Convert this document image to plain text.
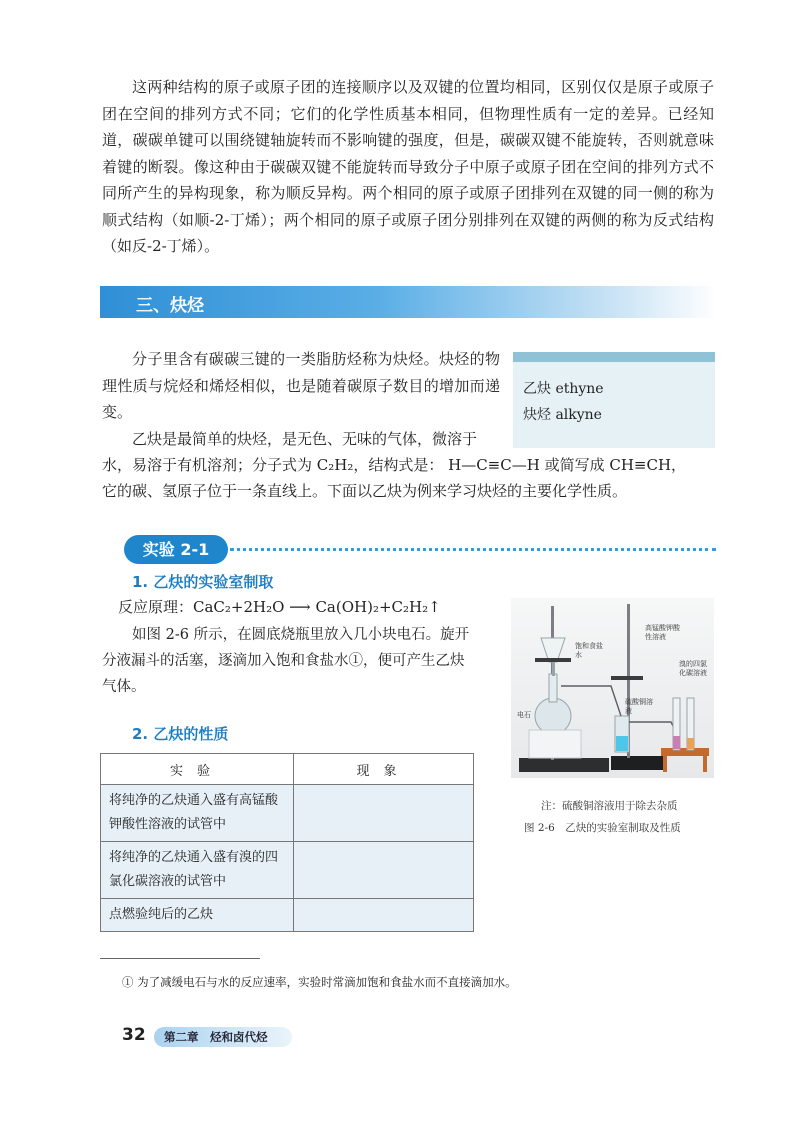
这两种结构的原子或原子团的连接顺序以及双键的位置均相同，区别仅仅是原子或原子团在空间的排列方式不同；它们的化学性质基本相同，但物理性质有一定的差异。已经知道，碳碳单键可以围绕键轴旋转而不影响键的强度，但是，碳碳双键不能旋转，否则就意味着键的断裂。像这种由于碳碳双键不能旋转而导致分子中原子或原子团在空间的排列方式不同所产生的异构现象，称为顺反异构。两个相同的原子或原子团排列在双键的同一侧的称为顺式结构（如顺-2-丁烯）；两个相同的原子或原子团分别排列在双键的两侧的称为反式结构（如反-2-丁烯）。

三、炔烃

分子里含有碳碳三键的一类脂肪烃称为炔烃。炔烃的物理性质与烷烃和烯烃相似，也是随着碳原子数目的增加而递变。

乙炔 ethyne
炔烃 alkyne
乙炔是最简单的炔烃，是无色、无味的气体，微溶于
水，易溶于有机溶剂；分子式为 C₂H₂，结构式是： H—C≡C—H 或简写成 CH≡CH，
它的碳、氢原子位于一条直线上。下面以乙炔为例来学习炔烃的主要化学性质。
实验 2-1
1. 乙炔的实验室制取
反应原理：CaC₂+2H₂O ⟶ Ca(OH)₂+C₂H₂↑
如图 2-6 所示，在圆底烧瓶里放入几小块电石。旋开
分液漏斗的活塞，逐滴加入饱和食盐水①，便可产生乙炔
气体。
2. 乙炔的性质
实验	现象
将纯净的乙炔通入盛有高锰酸钾酸性溶液的试管中	
将纯净的乙炔通入盛有溴的四氯化碳溶液的试管中	
点燃验纯后的乙炔	
饱和食盐水
高锰酸钾酸性溶液
溴的四氯化碳溶液
电石
硫酸铜溶液
注：硫酸铜溶液用于除去杂质
图 2-6　乙炔的实验室制取及性质
① 为了减缓电石与水的反应速率，实验时常滴加饱和食盐水而不直接滴加水。
32	第二章　烃和卤代烃
